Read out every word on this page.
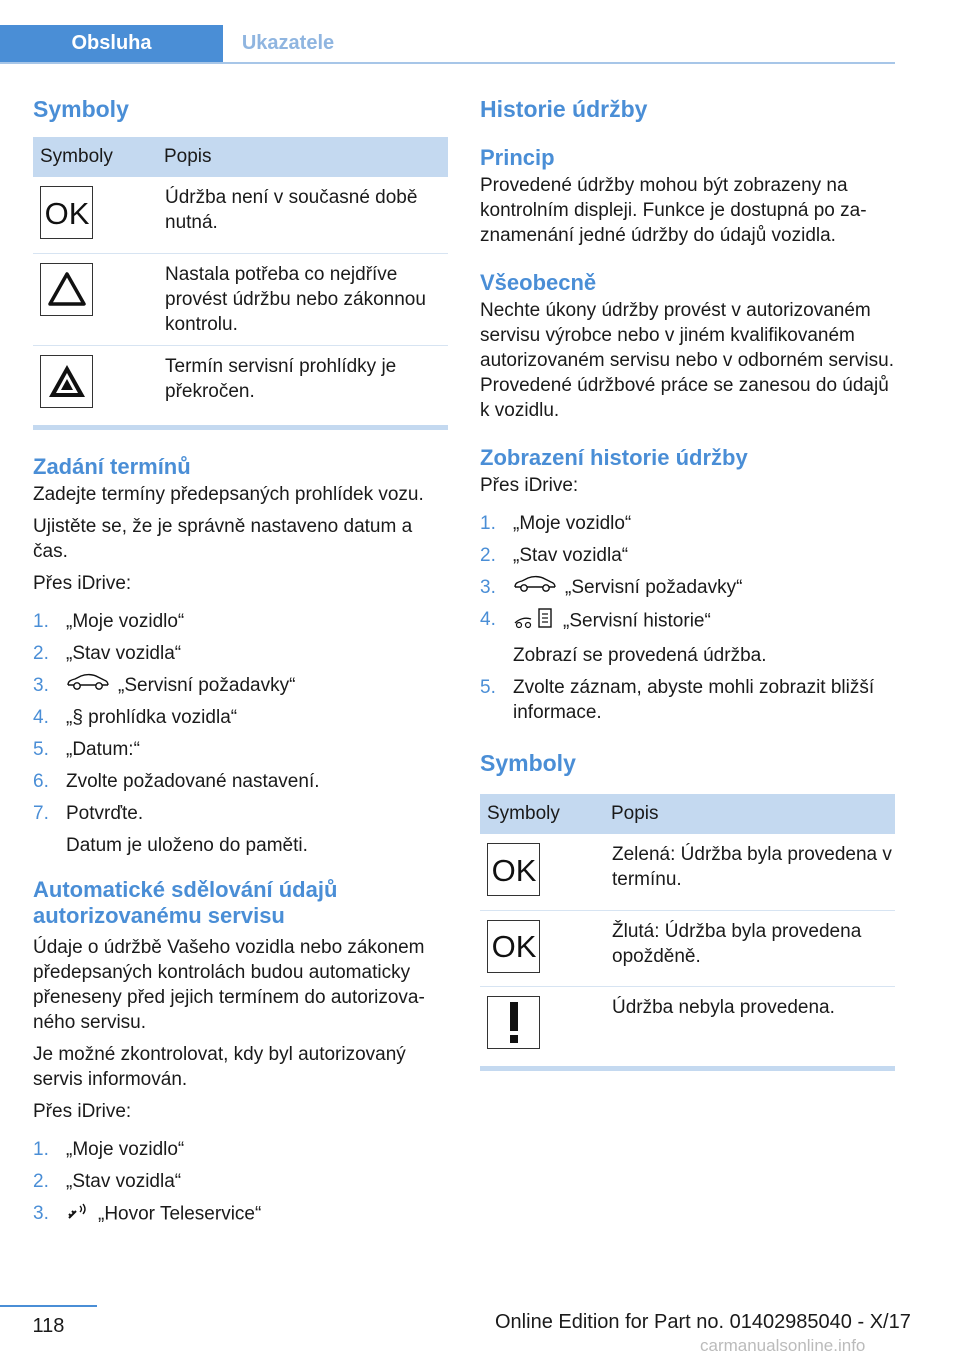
Obsluha	Ukazatele
Symboly
Symboly	Popis

OK	Údržba není v současné době nutná.

	Nastala potřeba co nejdříve provést údržbu nebo zákonnou kontrolu.

	Termín servisní prohlídky je překročen.
Zadání termínů

Zadejte termíny předepsaných prohlídek vozu.

Ujistěte se, že je správně nastaveno datum a čas.

Přes iDrive:

1. „Moje vozidlo“
2. „Stav vozidla“
3.	„Servisní požadavky“
4. „§ prohlídka vozidla“
5. „Datum:“
6. Zvolte požadované nastavení.
7. Potvrďte.
Datum je uloženo do paměti.
Automatické sdělování údajů autorizovanému servisu

Údaje o údržbě Vašeho vozidla nebo zákonem předepsaných kontrolách budou automaticky přeneseny před jejich termínem do autorizovaného servisu.

Je možné zkontrolovat, kdy byl autorizovaný servis informován.

Přes iDrive:

1. „Moje vozidlo“
2. „Stav vozidla“
3.	„Hovor Teleservice“
Historie údržby
Princip

Provedené údržby mohou být zobrazeny na kontrolním displeji. Funkce je dostupná po zaznamenání jedné údržby do údajů vozidla.

Všeobecně

Nechte úkony údržby provést v autorizovaném servisu výrobce nebo v jiném kvalifikovaném autorizovaném servisu nebo v odborném servisu. Provedené údržbové práce se zanesou do údajů k vozidlu.

Zobrazení historie údržby

Přes iDrive:

1. „Moje vozidlo“
2. „Stav vozidla“
3.	„Servisní požadavky“
4.	„Servisní historie“
Zobrazí se provedená údržba.
5. Zvolte záznam, abyste mohli zobrazit bližší informace.
Symboly
Symboly	Popis

OK	Zelená: Údržba byla provedena v termínu.

OK	Žlutá: Údržba byla provedena opožděně.

	Údržba nebyla provedena.
118	Online Edition for Part no. 01402985040 - X/17
carmanualsonline.info
